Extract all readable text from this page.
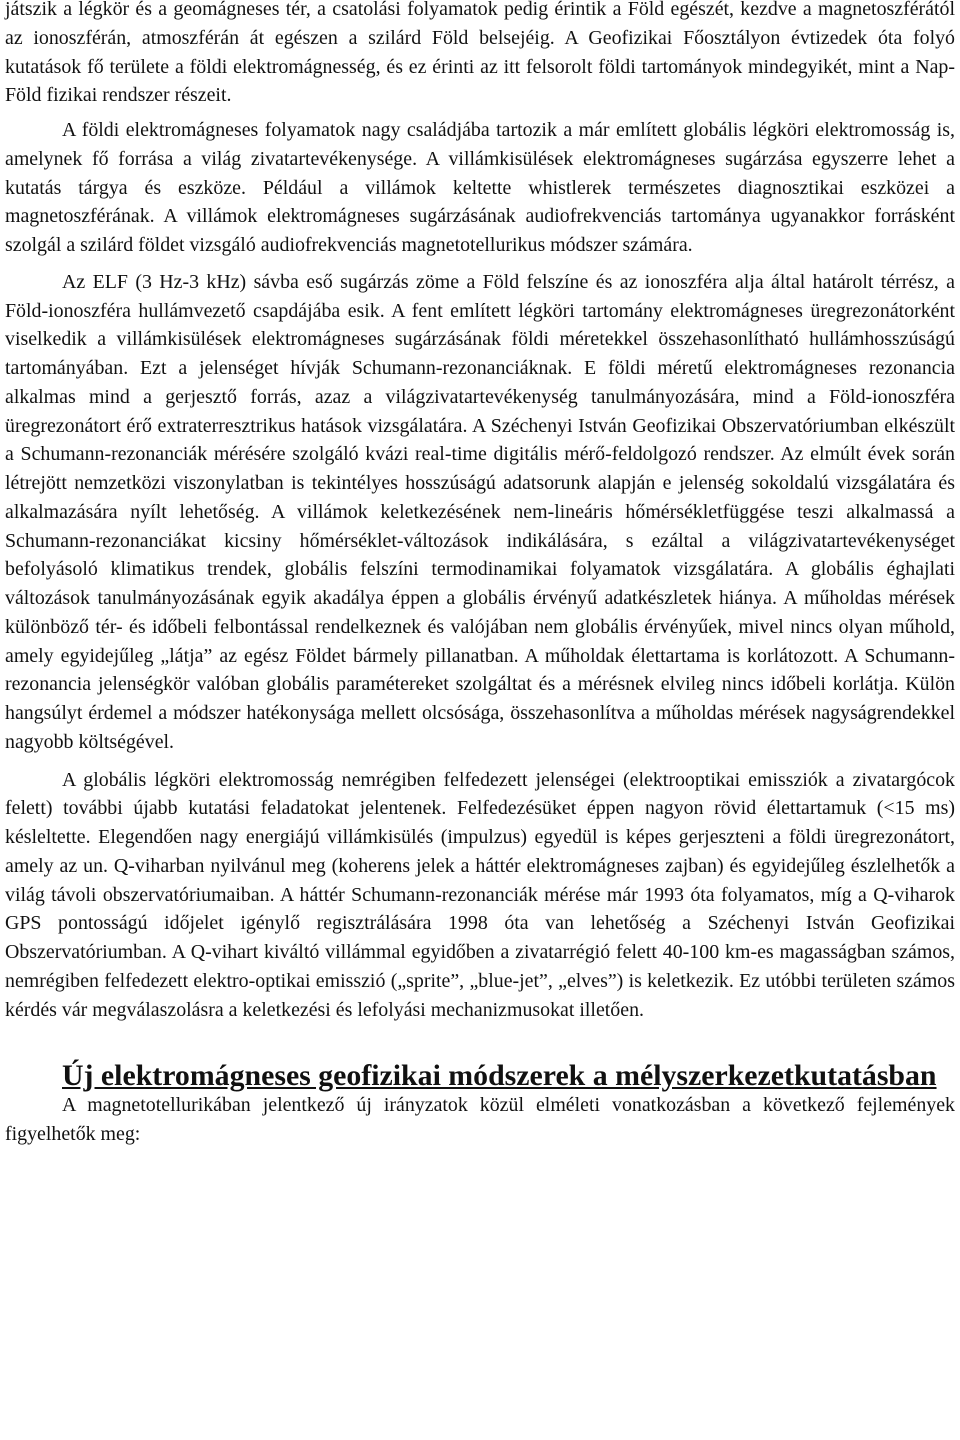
játszik a légkör és a geomágneses tér, a csatolási folyamatok pedig érintik a Föld egészét, kezdve a magnetoszférától az ionoszférán, atmoszférán át egészen a szilárd Föld belsejéig. A Geofizikai Főosztályon évtizedek óta folyó kutatások fő területe a földi elektromágnesség, és ez érinti az itt felsorolt földi tartományok mindegyikét, mint a Nap-Föld fizikai rendszer részeit.

A földi elektromágneses folyamatok nagy családjába tartozik a már említett globális légköri elektromosság is, amelynek fő forrása a világ zivatartevékenysége. A villámkisülések elektromágneses sugárzása egyszerre lehet a kutatás tárgya és eszköze. Például a villámok keltette whistlerek természetes diagnosztikai eszközei a magnetoszférának. A villámok elektromágneses sugárzásának audiofrekvenciás tartománya ugyanakkor forrásként szolgál a szilárd földet vizsgáló audiofrekvenciás magnetotellurikus módszer számára.

Az ELF (3 Hz-3 kHz) sávba eső sugárzás zöme a Föld felszíne és az ionoszféra alja által határolt térrész, a Föld-ionoszféra hullámvezető csapdájába esik. A fent említett légköri tartomány elektromágneses üregrezonátorként viselkedik a villámkisülések elektromágneses sugárzásának földi méretekkel összehasonlítható hullámhosszúságú tartományában. Ezt a jelenséget hívják Schumann-rezonanciáknak. E földi méretű elektromágneses rezonancia alkalmas mind a gerjesztő forrás, azaz a világzivatartevékenység tanulmányozására, mind a Föld-ionoszféra üregrezonátort érő extraterresztrikus hatások vizsgálatára. A Széchenyi István Geofizikai Obszervatóriumban elkészült a Schumann-rezonanciák mérésére szolgáló kvázi real-time digitális mérő-feldolgozó rendszer. Az elmúlt évek során létrejött nemzetközi viszonylatban is tekintélyes hosszúságú adatsorunk alapján e jelenség sokoldalú vizsgálatára és alkalmazására nyílt lehetőség. A villámok keletkezésének nem-lineáris hőmérsékletfüggése teszi alkalmassá a Schumann-rezonanciákat kicsiny hőmérséklet-változások indikálására, s ezáltal a világzivatartevékenységet befolyásoló klimatikus trendek, globális felszíni termodinamikai folyamatok vizsgálatára. A globális éghajlati változások tanulmányozásának egyik akadálya éppen a globális érvényű adatkészletek hiánya. A műholdas mérések különböző tér- és időbeli felbontással rendelkeznek és valójában nem globális érvényűek, mivel nincs olyan műhold, amely egyidejűleg „látja” az egész Földet bármely pillanatban. A műholdak élettartama is korlátozott. A Schumann-rezonancia jelenségkör valóban globális paramétereket szolgáltat és a mérésnek elvileg nincs időbeli korlátja. Külön hangsúlyt érdemel a módszer hatékonysága mellett olcsósága, összehasonlítva a műholdas mérések nagyságrendekkel nagyobb költségével.

A globális légköri elektromosság nemrégiben felfedezett jelenségei (elektrooptikai emissziók a zivatargócok felett) további újabb kutatási feladatokat jelentenek. Felfedezésüket éppen nagyon rövid élettartamuk (<15 ms) késleltette. Elegendően nagy energiájú villámkisülés (impulzus) egyedül is képes gerjeszteni a földi üregrezonátort, amely az un. Q-viharban nyilvánul meg (koherens jelek a háttér elektromágneses zajban) és egyidejűleg észlelhetők a világ távoli obszervatóriumaiban. A háttér Schumann-rezonanciák mérése már 1993 óta folyamatos, míg a Q-viharok GPS pontosságú időjelet igénylő regisztrálására 1998 óta van lehetőség a Széchenyi István Geofizikai Obszervatóriumban. A Q-vihart kiváltó villámmal egyidőben a zivatarrégió felett 40-100 km-es magasságban számos, nemrégiben felfedezett elektro-optikai emisszió („sprite”, „blue-jet”, „elves”) is keletkezik. Ez utóbbi területen számos kérdés vár megválaszolásra a keletkezési és lefolyási mechanizmusokat illetően.

Új elektromágneses geofizikai módszerek a mélyszerkezetkutatásban

A magnetotellurikában jelentkező új irányzatok közül elméleti vonatkozásban a következő fejlemények figyelhetők meg:
